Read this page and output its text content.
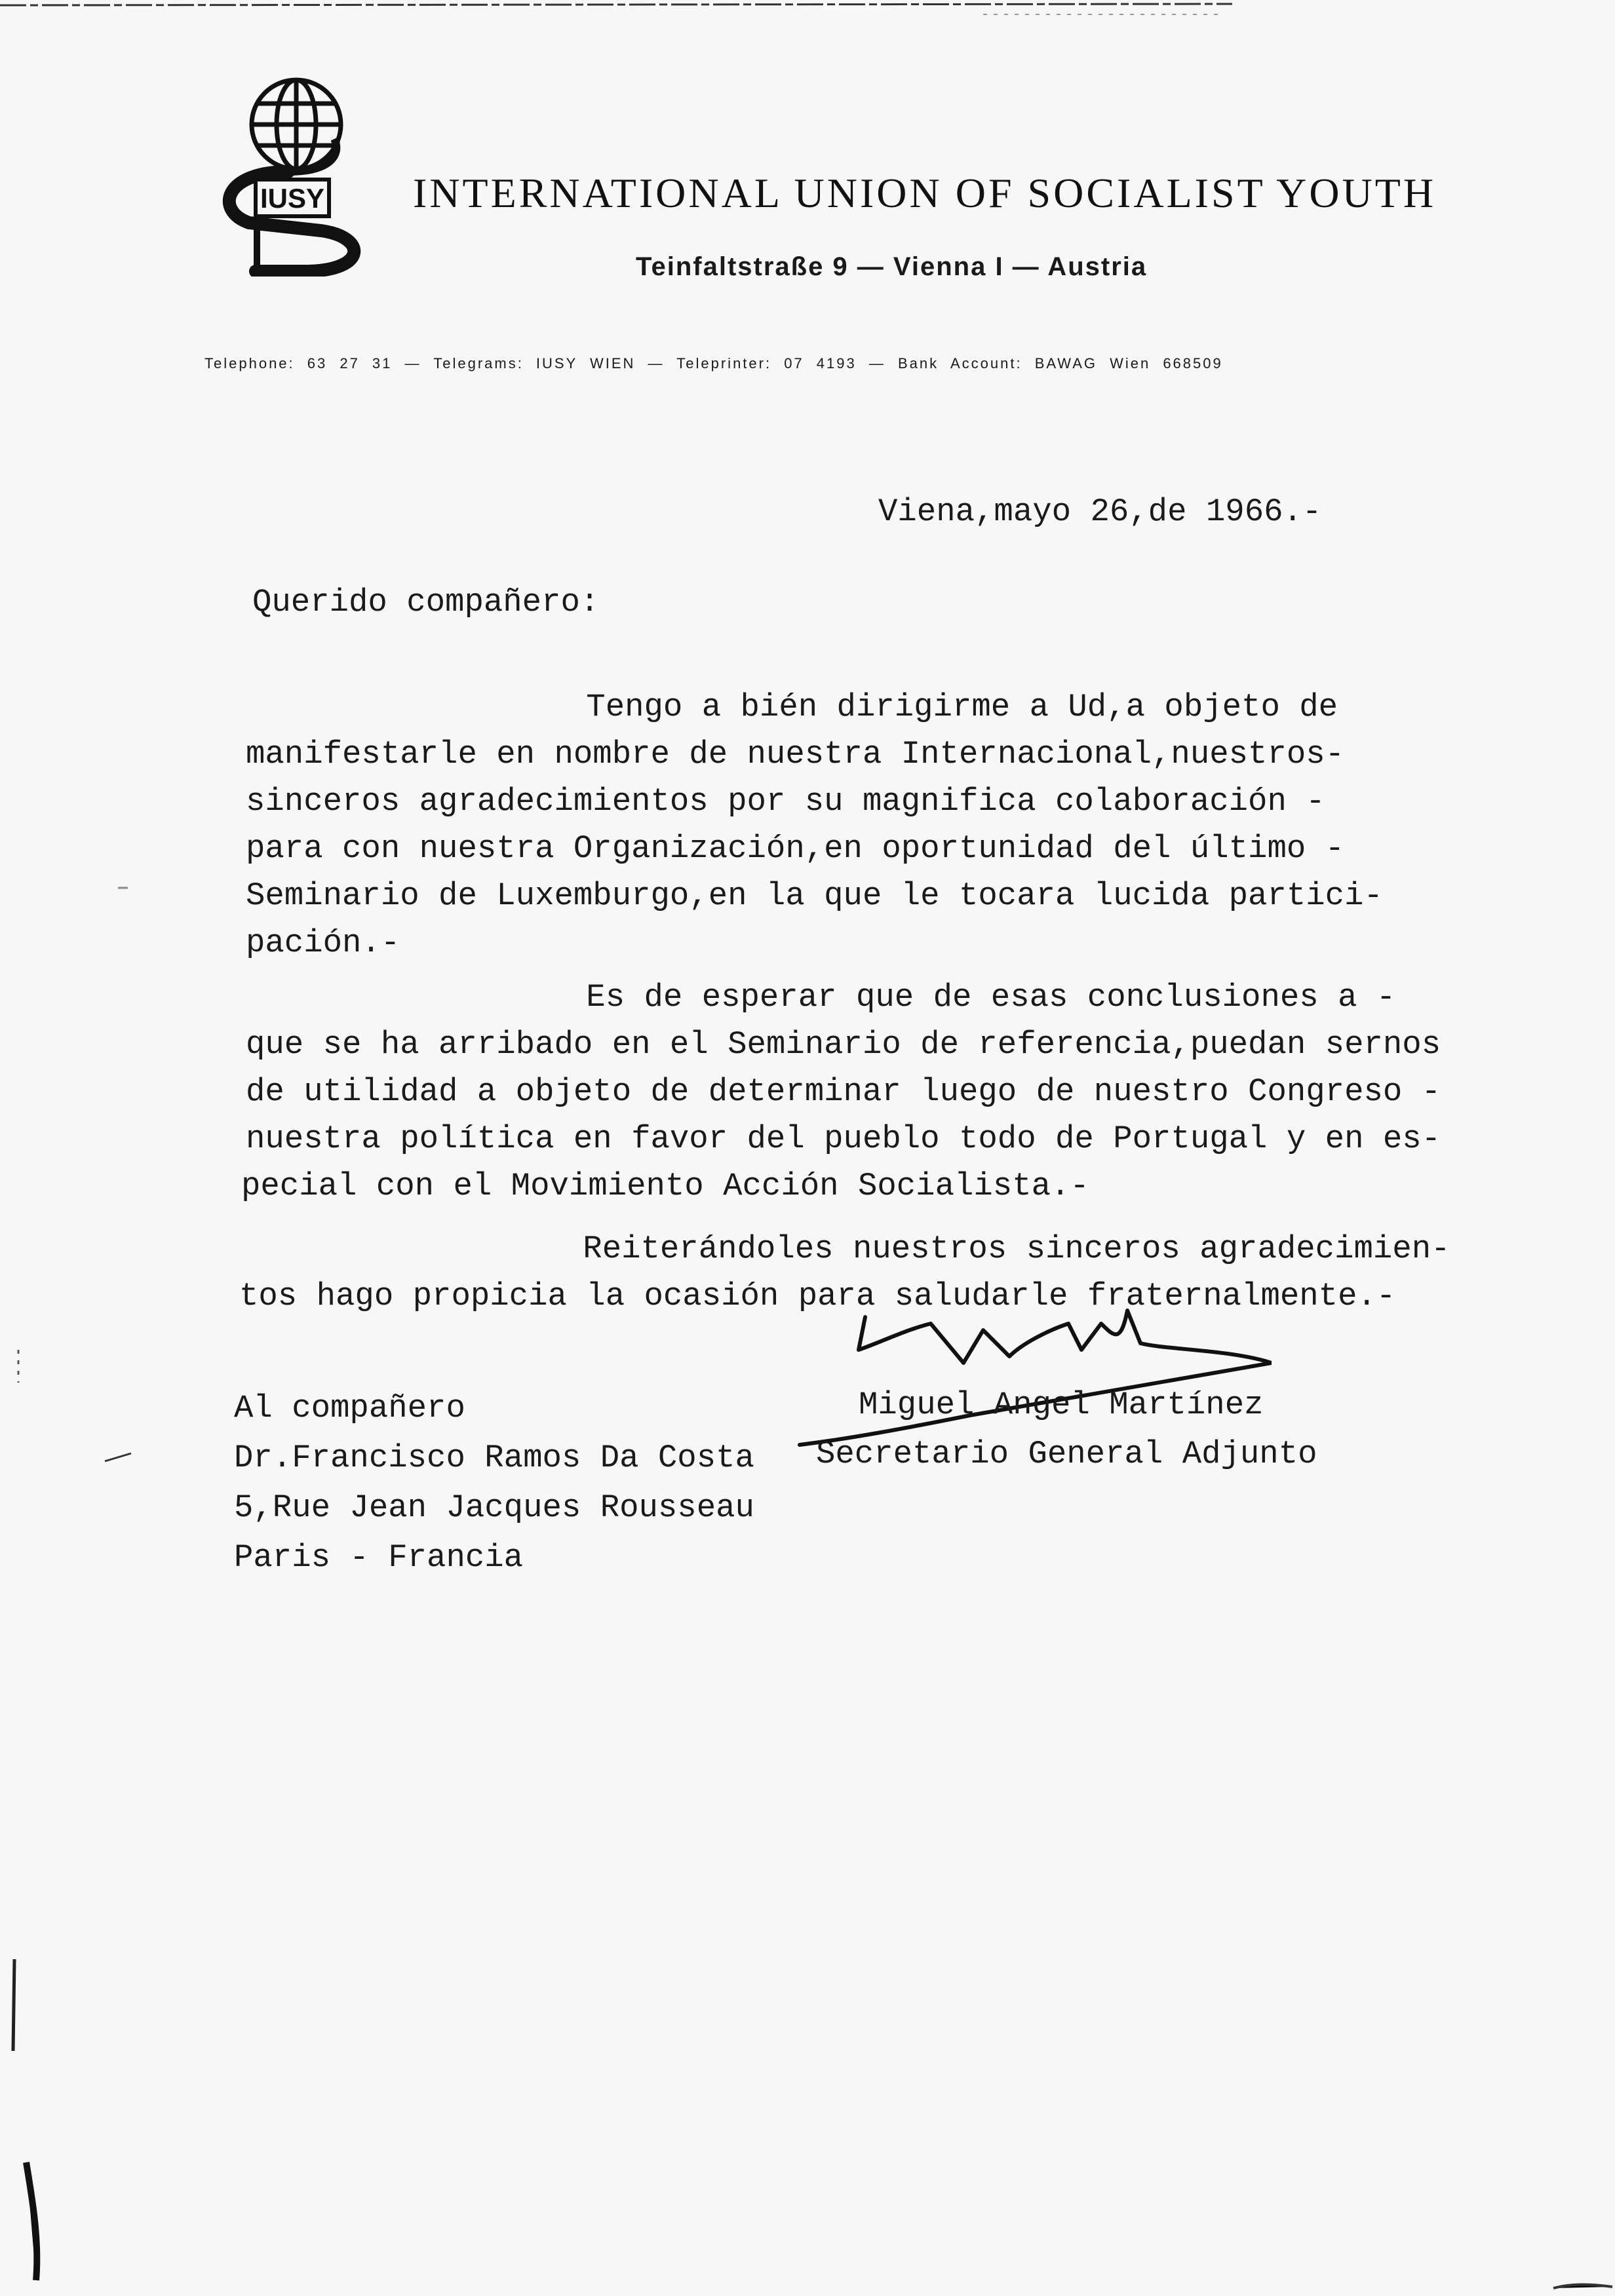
IUSY INTERNATIONAL UNION OF SOCIALIST YOUTH
Teinfaltstraße 9 — Vienna I — Austria
Telephone: 63 27 31 — Telegrams: IUSY WIEN — Teleprinter: 07 4193 — Bank Account: BAWAG Wien 668509
Viena,mayo 26,de 1966.-
Querido compañero:
Tengo a bién dirigirme a Ud,a objeto de
manifestarle en nombre de nuestra Internacional,nuestros-
sinceros agradecimientos por su magnifica colaboración -
para con nuestra Organización,en oportunidad del último -
Seminario de Luxemburgo,en la que le tocara lucida partici-
pación.-
Es de esperar que de esas conclusiones a -
que se ha arribado en el Seminario de referencia,puedan sernos
de utilidad a objeto de determinar luego de nuestro Congreso -
nuestra política en favor del pueblo todo de Portugal y en es-
pecial con el Movimiento Acción Socialista.-
Reiterándoles nuestros sinceros agradecimien-
tos hago propicia la ocasión para saludarle fraternalmente.-
Miguel Angel Martínez
Secretario General Adjunto
Al compañero
Dr.Francisco Ramos Da Costa
5,Rue Jean Jacques Rousseau
Paris - Francia
